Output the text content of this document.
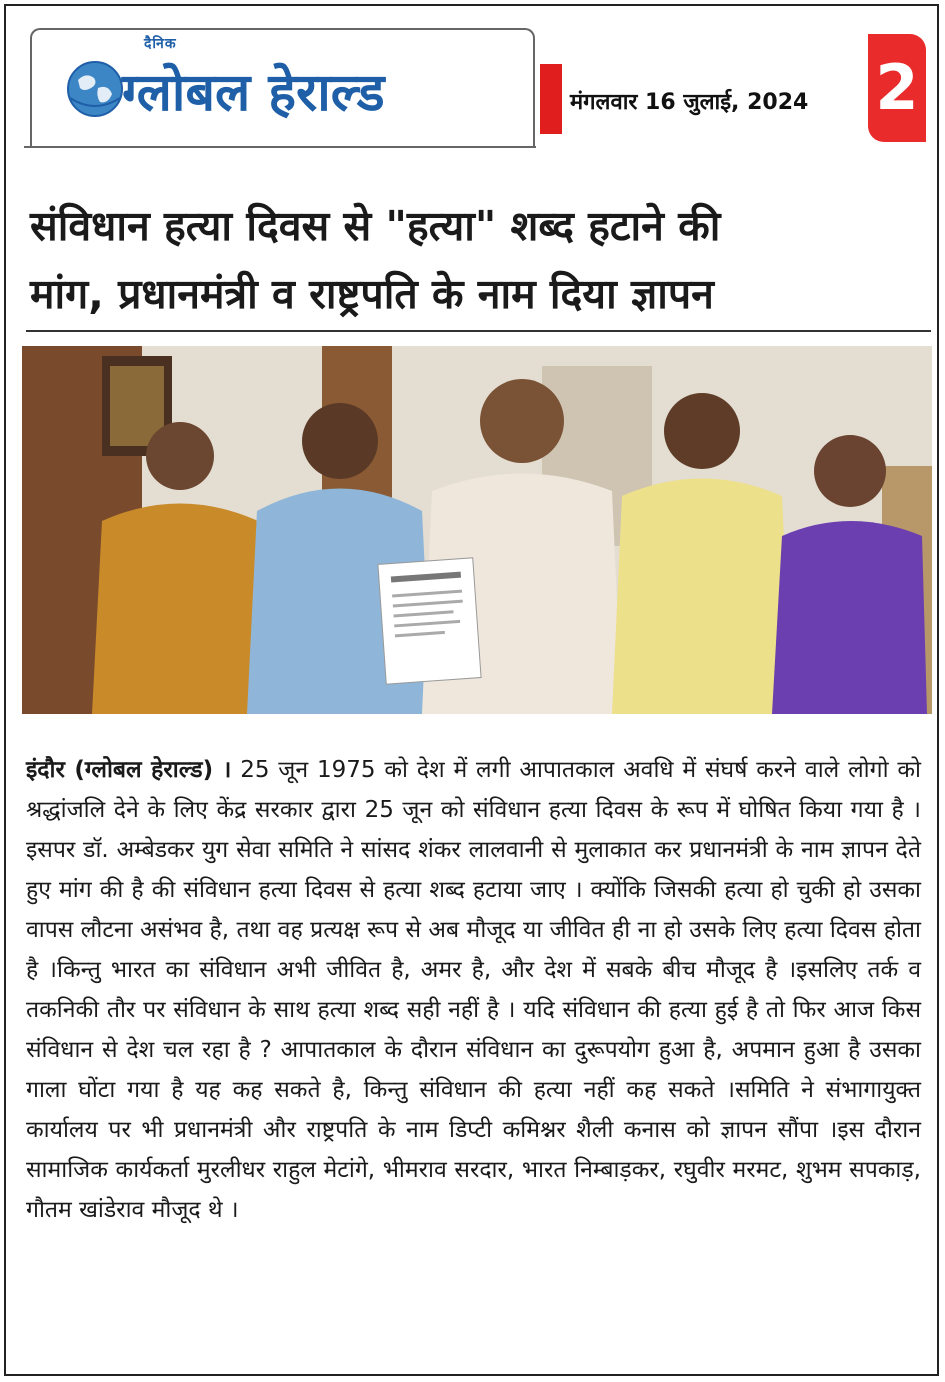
दैनिक
ग्लोबल हेराल्ड	मंगलवार 16 जुलाई, 2024 2
संविधान हत्या दिवस से "हत्या" शब्द हटाने की
मांग, प्रधानमंत्री व राष्ट्रपति के नाम दिया ज्ञापन
इंदौर (ग्लोबल हेराल्ड) । 25 जून 1975 को देश में लगी आपातकाल अवधि में संघर्ष करने वाले लोगो को श्रद्धांजलि देने के लिए केंद्र सरकार द्वारा 25 जून को संविधान हत्या दिवस के रूप में घोषित किया गया है ।इसपर डॉ. अम्बेडकर युग सेवा समिति ने सांसद शंकर लालवानी से मुलाकात कर प्रधानमंत्री के नाम ज्ञापन देते हुए मांग की है की संविधान हत्या दिवस से हत्या शब्द हटाया जाए । क्योंकि जिसकी हत्या हो चुकी हो उसका वापस लौटना असंभव है, तथा वह प्रत्यक्ष रूप से अब मौजूद या जीवित ही ना हो उसके लिए हत्या दिवस होता है ।किन्तु भारत का संविधान अभी जीवित है, अमर है, और देश में सबके बीच मौजूद है ।इसलिए तर्क व तकनिकी तौर पर संविधान के साथ हत्या शब्द सही नहीं है । यदि संविधान की हत्या हुई है तो फिर आज किस संविधान से देश चल रहा है ? आपातकाल के दौरान संविधान का दुरूपयोग हुआ है, अपमान हुआ है उसका गाला घोंटा गया है यह कह सकते है, किन्तु संविधान की हत्या नहीं कह सकते ।समिति ने संभागायुक्त कार्यालय पर भी प्रधानमंत्री और राष्ट्रपति के नाम डिप्टी कमिश्नर शैली कनास को ज्ञापन सौंपा ।इस दौरान सामाजिक कार्यकर्ता मुरलीधर राहुल मेटांगे, भीमराव सरदार, भारत निम्बाड़कर, रघुवीर मरमट, शुभम सपकाड़, गौतम खांडेराव मौजूद थे ।
